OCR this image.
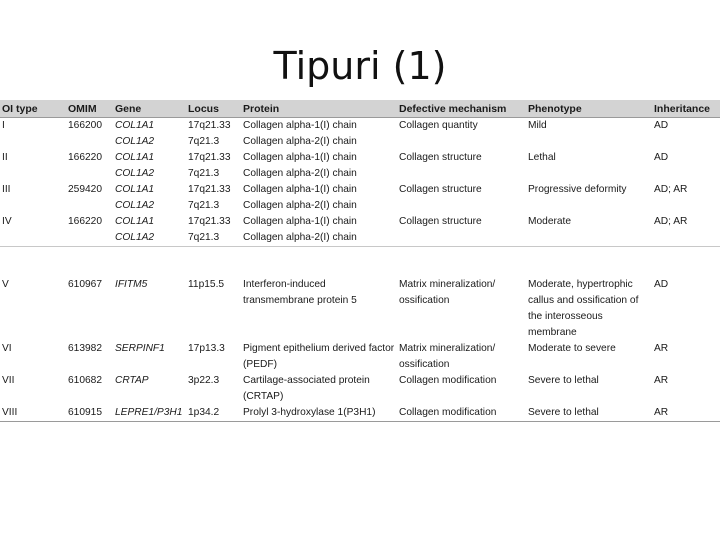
Tipuri (1)
OI type	OMIM	Gene	Locus	Protein	Defective mechanism	Phenotype	Inheritance
I	166200	COL1A1	17q21.33	Collagen alpha-1(I) chain	Collagen quantity	Mild	AD
		COL1A2	7q21.3	Collagen alpha-2(I) chain			
II	166220	COL1A1	17q21.33	Collagen alpha-1(I) chain	Collagen structure	Lethal	AD
		COL1A2	7q21.3	Collagen alpha-2(I) chain			
III	259420	COL1A1	17q21.33	Collagen alpha-1(I) chain	Collagen structure	Progressive deformity	AD; AR
		COL1A2	7q21.3	Collagen alpha-2(I) chain			
IV	166220	COL1A1	17q21.33	Collagen alpha-1(I) chain	Collagen structure	Moderate	AD; AR
		COL1A2	7q21.3	Collagen alpha-2(I) chain			

V	610967	IFITM5	11p15.5	Interferon-induced transmembrane protein 5	Matrix mineralization/ ossification	Moderate, hypertrophic callus and ossification of the interosseous membrane	AD
VI	613982	SERPINF1	17p13.3	Pigment epithelium derived factor (PEDF)	Matrix mineralization/ ossification	Moderate to severe	AR
VII	610682	CRTAP	3p22.3	Cartilage-associated protein (CRTAP)	Collagen modification	Severe to lethal	AR
VIII	610915	LEPRE1/P3H1	1p34.2	Prolyl 3-hydroxylase 1(P3H1)	Collagen modification	Severe to lethal	AR
